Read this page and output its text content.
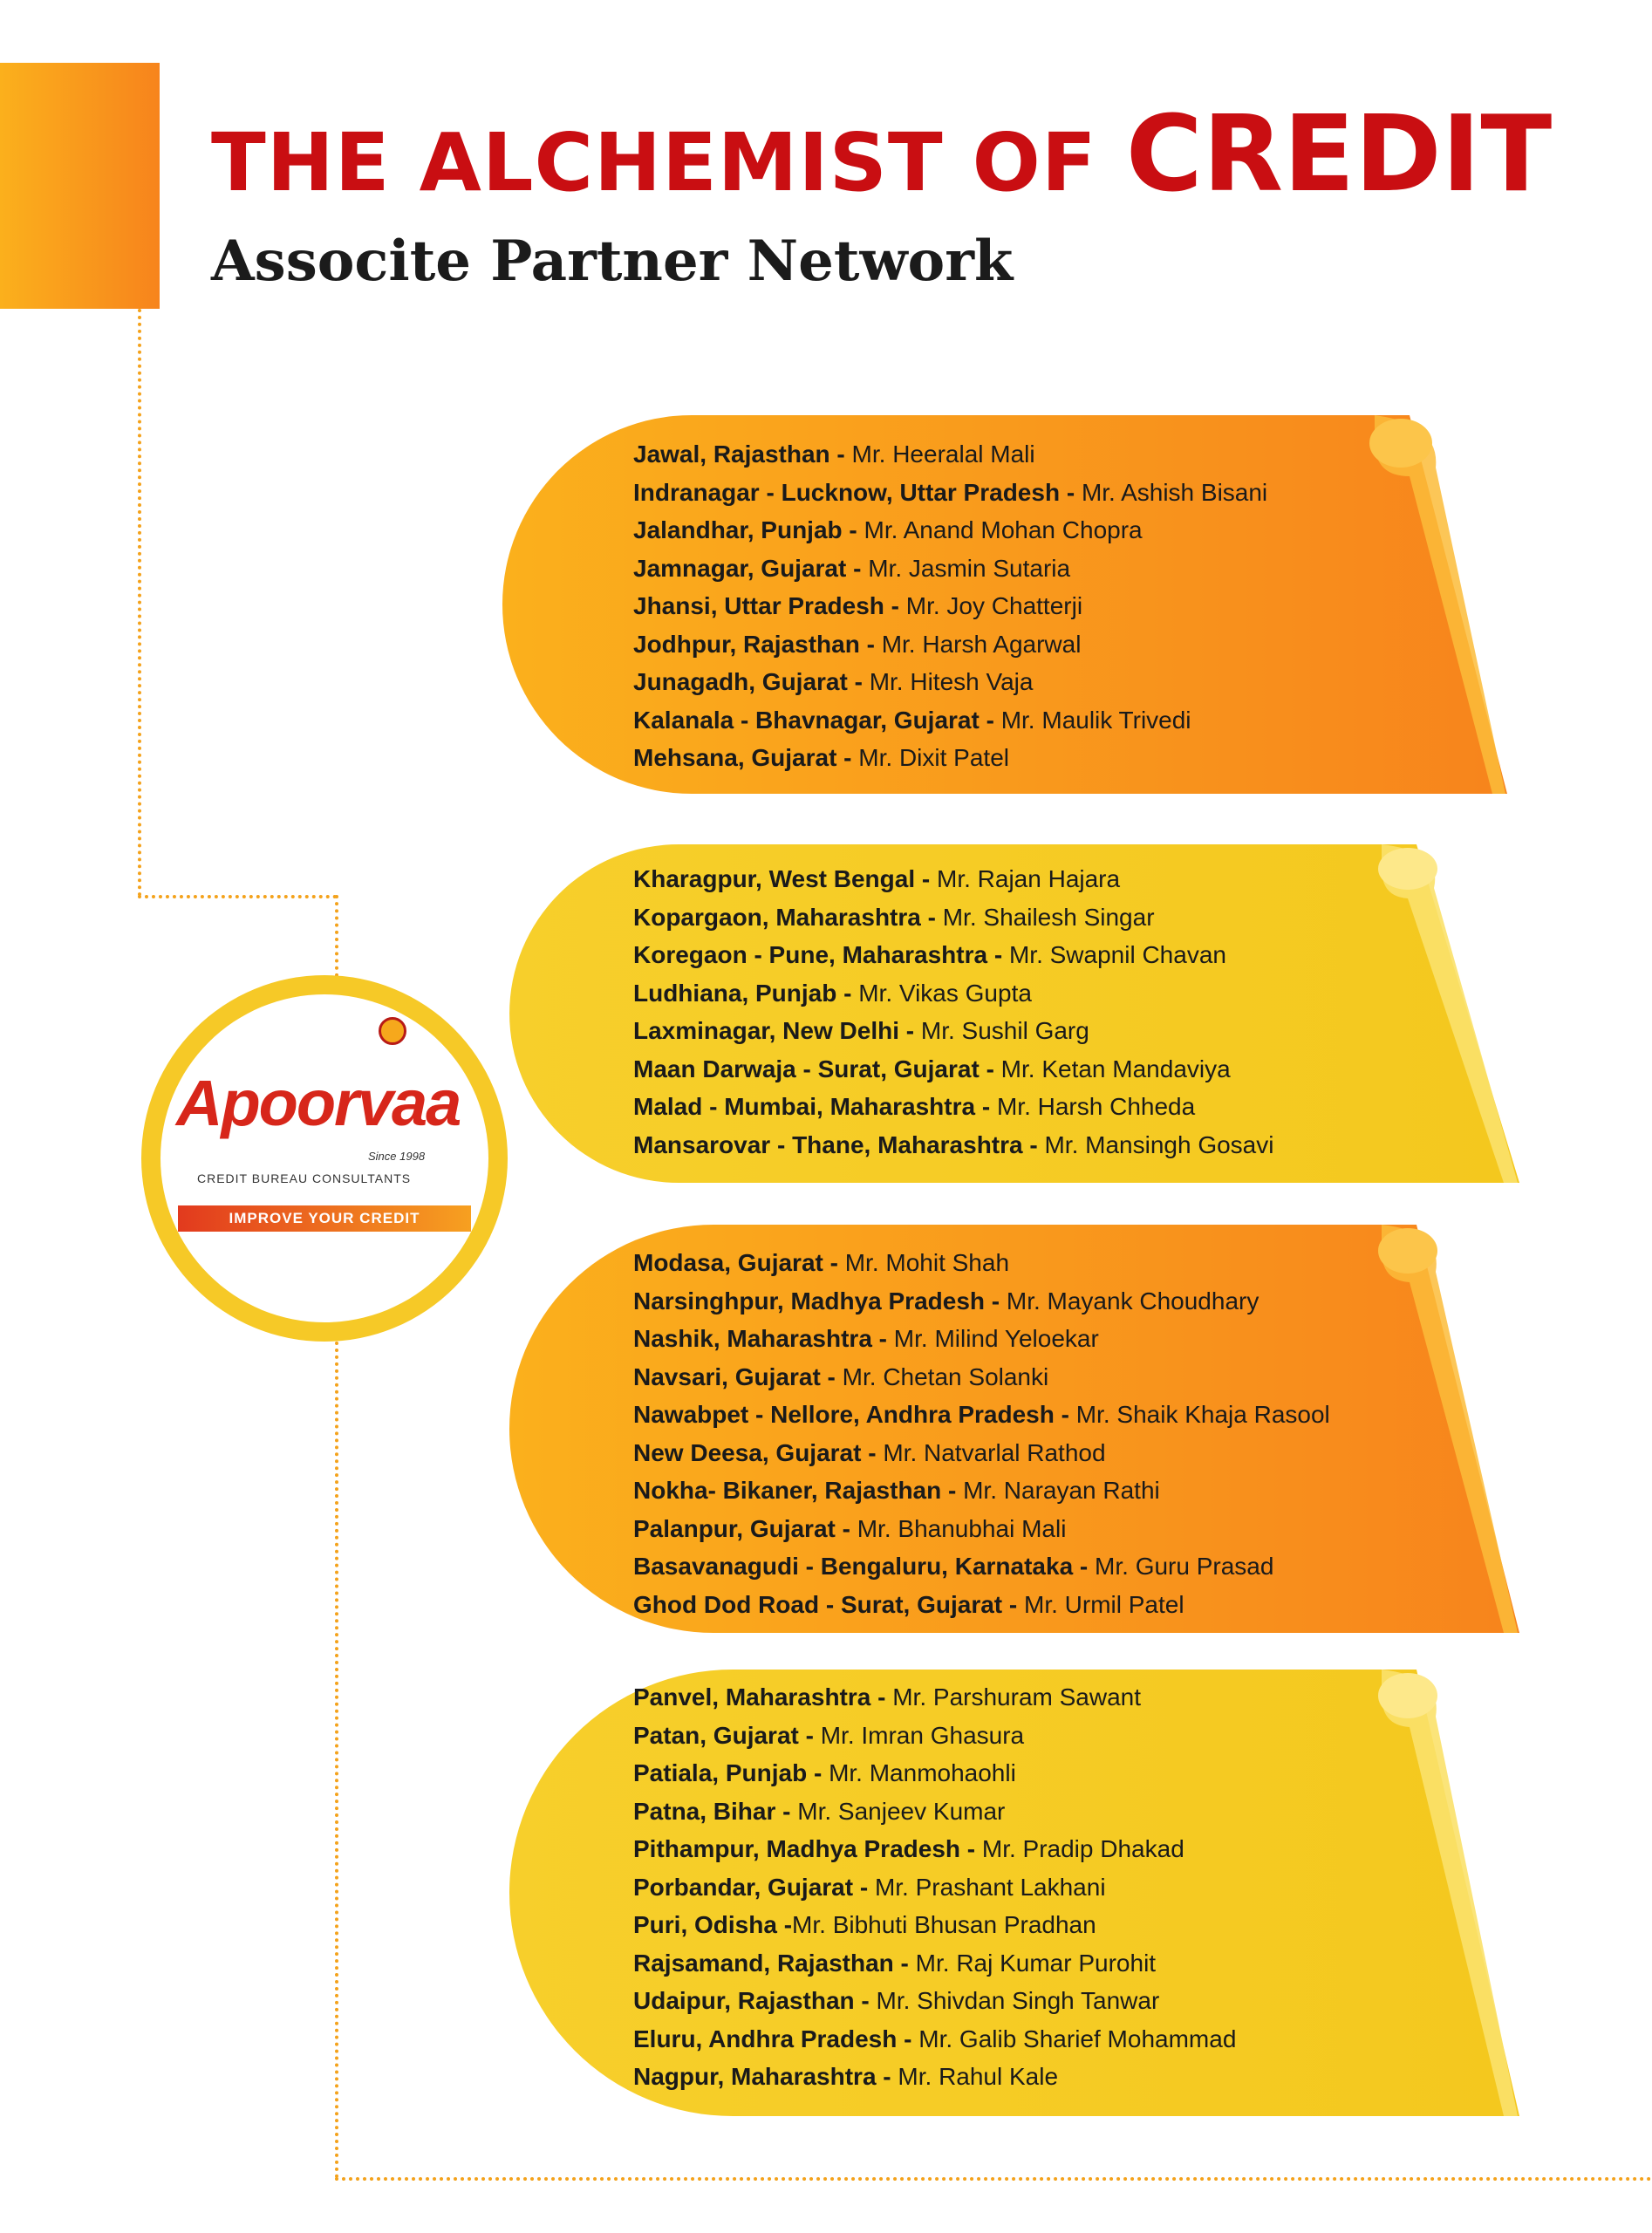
THE ALCHEMIST OF CREDIT
Associte Partner Network
®
Apoorvaa
Since 1998
CREDIT BUREAU CONSULTANTS
IMPROVE YOUR CREDIT
Jawal, Rajasthan - Mr. Heeralal Mali
Indranagar - Lucknow, Uttar Pradesh - Mr. Ashish Bisani
Jalandhar, Punjab - Mr. Anand Mohan Chopra
Jamnagar, Gujarat - Mr. Jasmin Sutaria
Jhansi, Uttar Pradesh - Mr. Joy Chatterji
Jodhpur, Rajasthan - Mr. Harsh Agarwal
Junagadh, Gujarat - Mr. Hitesh Vaja
Kalanala - Bhavnagar, Gujarat - Mr. Maulik Trivedi
Mehsana, Gujarat - Mr. Dixit Patel
Kharagpur, West Bengal - Mr. Rajan Hajara
Kopargaon, Maharashtra - Mr. Shailesh Singar
Koregaon - Pune, Maharashtra - Mr. Swapnil Chavan
Ludhiana, Punjab - Mr. Vikas Gupta
Laxminagar, New Delhi - Mr. Sushil Garg
Maan Darwaja - Surat, Gujarat - Mr. Ketan Mandaviya
Malad - Mumbai, Maharashtra - Mr. Harsh Chheda
Mansarovar - Thane, Maharashtra - Mr. Mansingh Gosavi
Modasa, Gujarat - Mr. Mohit Shah
Narsinghpur, Madhya Pradesh - Mr. Mayank Choudhary
Nashik, Maharashtra - Mr. Milind Yeloekar
Navsari, Gujarat - Mr. Chetan Solanki
Nawabpet - Nellore, Andhra Pradesh - Mr. Shaik Khaja Rasool
New Deesa, Gujarat - Mr. Natvarlal Rathod
Nokha- Bikaner, Rajasthan - Mr. Narayan Rathi
Palanpur, Gujarat - Mr. Bhanubhai Mali
Basavanagudi - Bengaluru, Karnataka - Mr. Guru Prasad
Ghod Dod Road - Surat, Gujarat - Mr. Urmil Patel
Panvel, Maharashtra - Mr. Parshuram Sawant
Patan, Gujarat - Mr. Imran Ghasura
Patiala, Punjab - Mr. Manmohaohli
Patna, Bihar - Mr. Sanjeev Kumar
Pithampur, Madhya Pradesh - Mr. Pradip Dhakad
Porbandar, Gujarat - Mr. Prashant Lakhani
Puri, Odisha -Mr. Bibhuti Bhusan Pradhan
Rajsamand, Rajasthan - Mr. Raj Kumar Purohit
Udaipur, Rajasthan - Mr. Shivdan Singh Tanwar
Eluru, Andhra Pradesh - Mr. Galib Sharief Mohammad
Nagpur, Maharashtra - Mr. Rahul Kale
